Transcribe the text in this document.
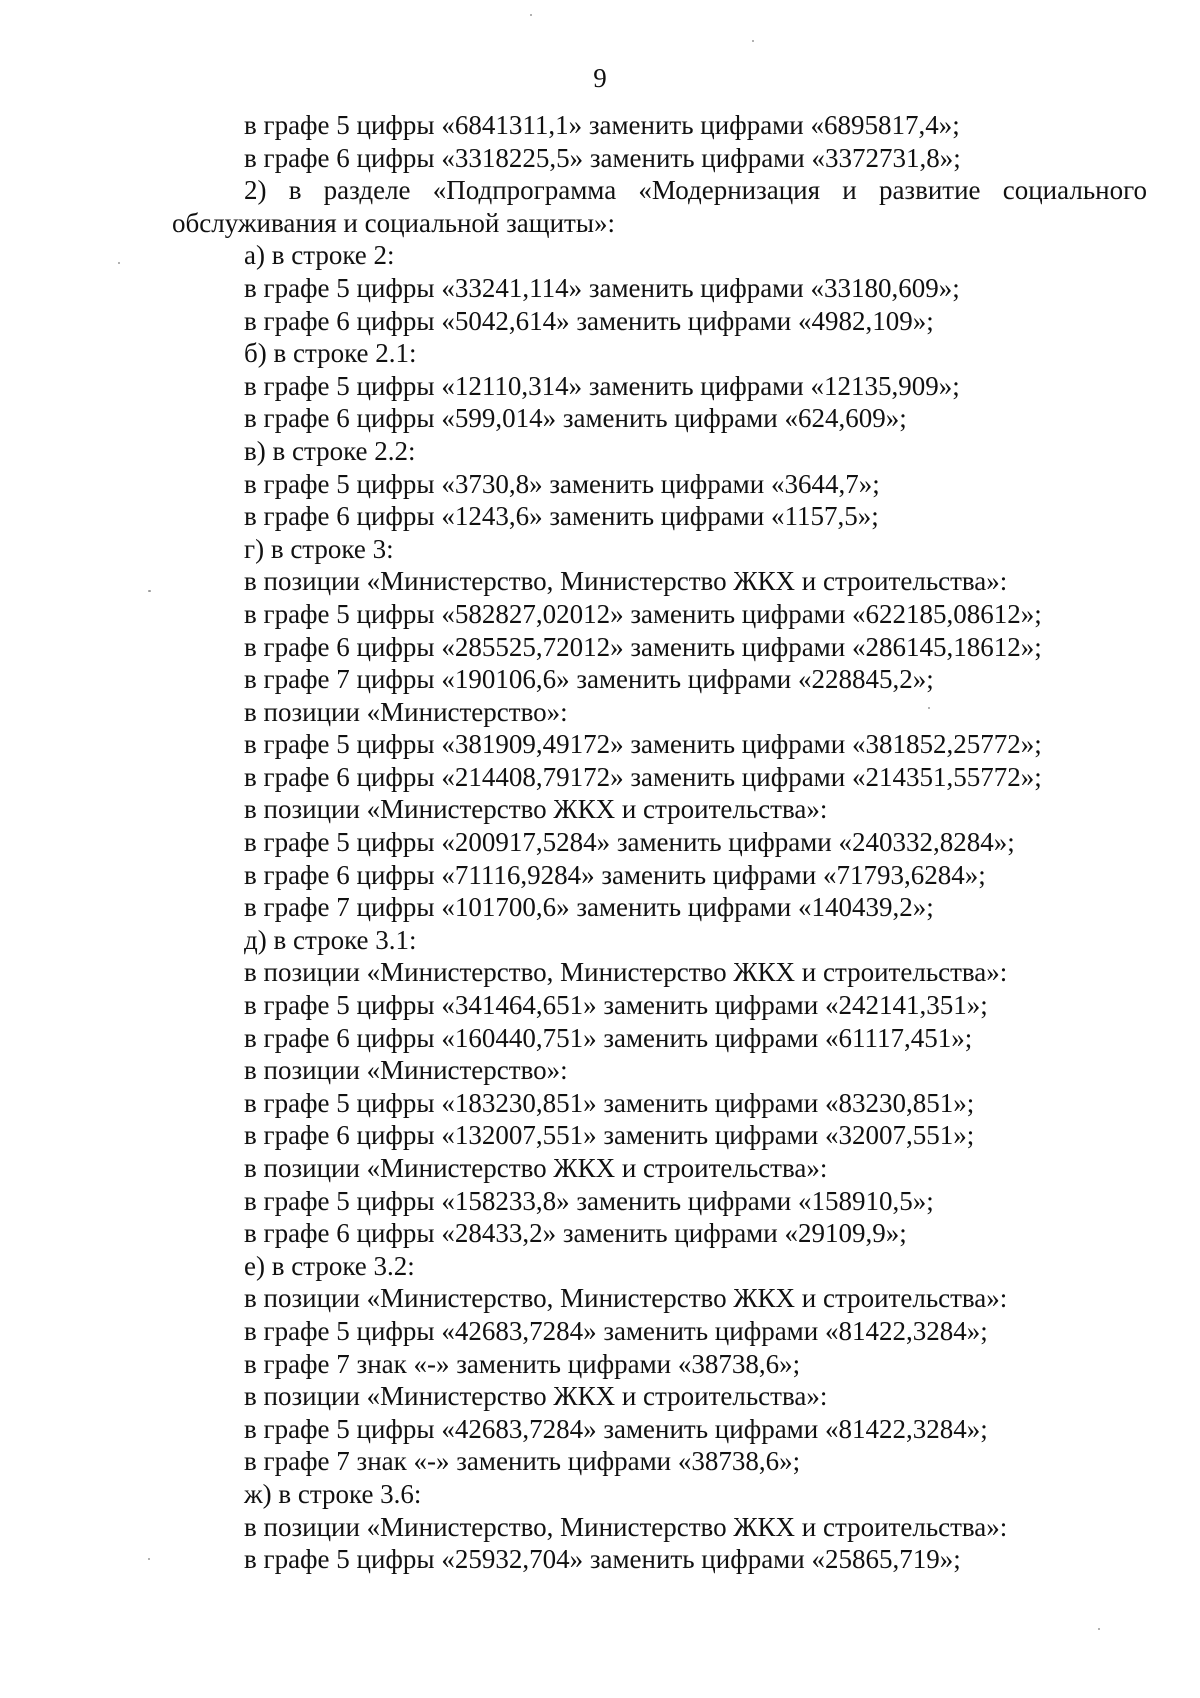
9
в графе 5 цифры «6841311,1» заменить цифрами «6895817,4»;
в графе 6 цифры «3318225,5» заменить цифрами «3372731,8»;
2) в разделе «Подпрограмма «Модернизация и развитие социального
обслуживания и социальной защиты»:
а) в строке 2:
в графе 5 цифры «33241,114» заменить цифрами «33180,609»;
в графе 6 цифры «5042,614» заменить цифрами «4982,109»;
б) в строке 2.1:
в графе 5 цифры «12110,314» заменить цифрами «12135,909»;
в графе 6 цифры «599,014» заменить цифрами «624,609»;
в) в строке 2.2:
в графе 5 цифры «3730,8» заменить цифрами «3644,7»;
в графе 6 цифры «1243,6» заменить цифрами «1157,5»;
г) в строке 3:
в позиции «Министерство, Министерство ЖКХ и строительства»:
в графе 5 цифры «582827,02012» заменить цифрами «622185,08612»;
в графе 6 цифры «285525,72012» заменить цифрами «286145,18612»;
в графе 7 цифры «190106,6» заменить цифрами «228845,2»;
в позиции «Министерство»:
в графе 5 цифры «381909,49172» заменить цифрами «381852,25772»;
в графе 6 цифры «214408,79172» заменить цифрами «214351,55772»;
в позиции «Министерство ЖКХ и строительства»:
в графе 5 цифры «200917,5284» заменить цифрами «240332,8284»;
в графе 6 цифры «71116,9284» заменить цифрами «71793,6284»;
в графе 7 цифры «101700,6» заменить цифрами «140439,2»;
д) в строке 3.1:
в позиции «Министерство, Министерство ЖКХ и строительства»:
в графе 5 цифры «341464,651» заменить цифрами «242141,351»;
в графе 6 цифры «160440,751» заменить цифрами «61117,451»;
в позиции «Министерство»:
в графе 5 цифры «183230,851» заменить цифрами «83230,851»;
в графе 6 цифры «132007,551» заменить цифрами «32007,551»;
в позиции «Министерство ЖКХ и строительства»:
в графе 5 цифры «158233,8» заменить цифрами «158910,5»;
в графе 6 цифры «28433,2» заменить цифрами «29109,9»;
е) в строке 3.2:
в позиции «Министерство, Министерство ЖКХ и строительства»:
в графе 5 цифры «42683,7284» заменить цифрами «81422,3284»;
в графе 7 знак «-» заменить цифрами «38738,6»;
в позиции «Министерство ЖКХ и строительства»:
в графе 5 цифры «42683,7284» заменить цифрами «81422,3284»;
в графе 7 знак «-» заменить цифрами «38738,6»;
ж) в строке 3.6:
в позиции «Министерство, Министерство ЖКХ и строительства»:
в графе 5 цифры «25932,704» заменить цифрами «25865,719»;
